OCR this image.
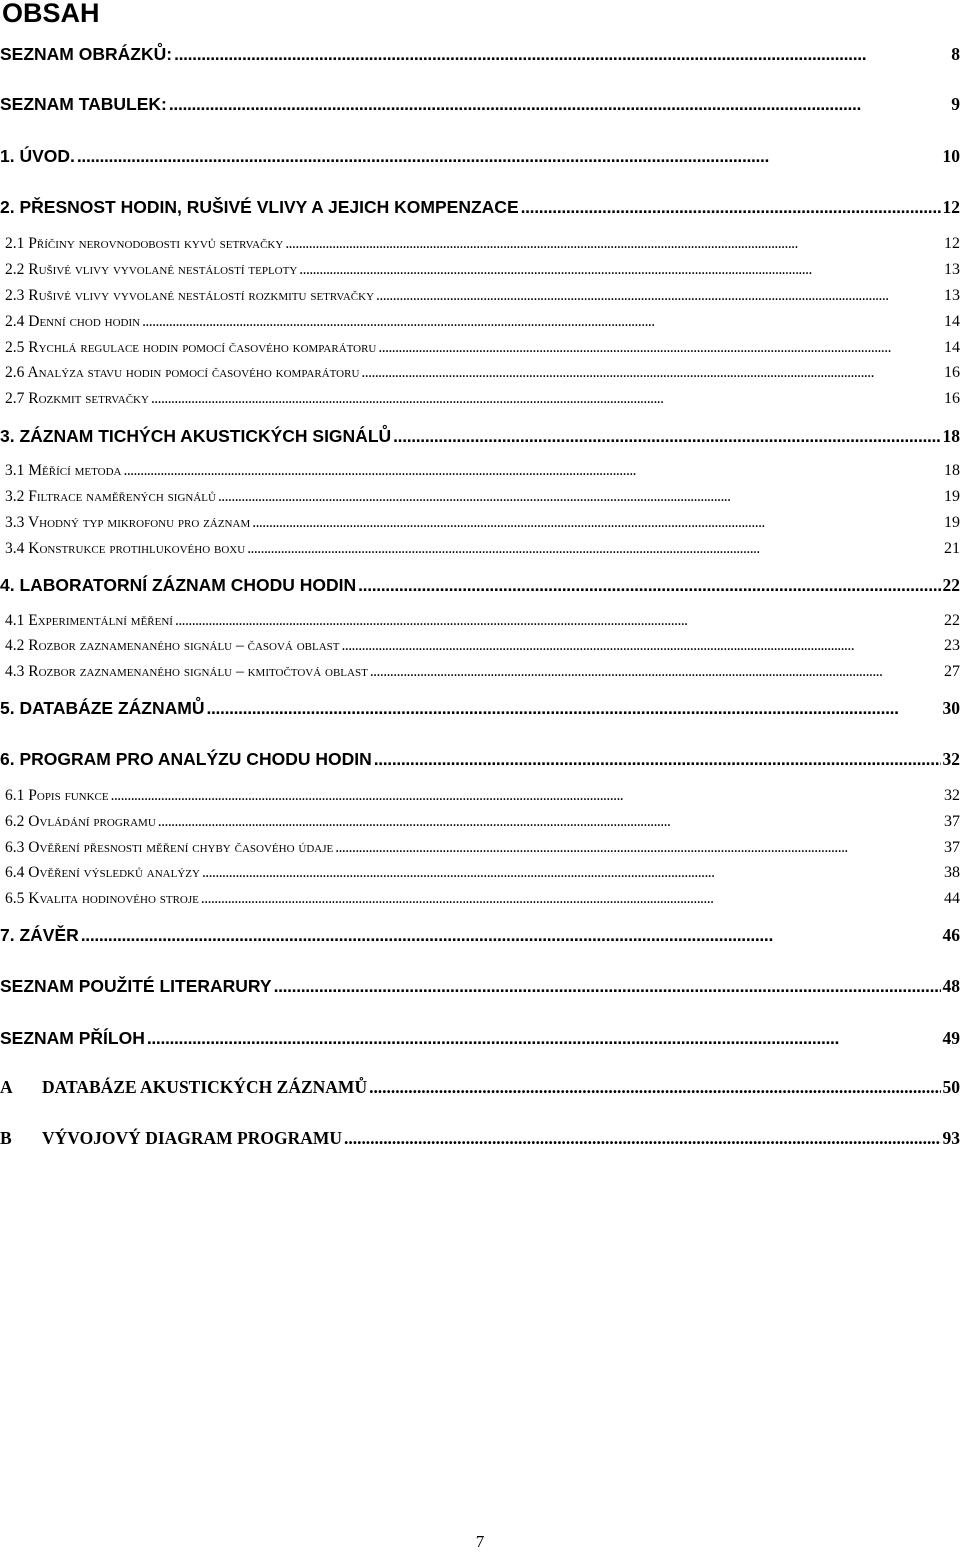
OBSAH
SEZNAM OBRÁZKŮ: . . .	8
SEZNAM TABULEK: . . .	9
1. ÚVOD. . . .	10
2. PŘESNOST HODIN, RUŠIVÉ VLIVY A JEJICH KOMPENZACE . . .	12
2.1 Příčiny nerovnodobosti kyvů setrvačky . . .	12
2.2 Rušivé vlivy vyvolané nestálostí teploty . . .	13
2.3 Rušivé vlivy vyvolané nestálostí rozkmitu setrvačky . . .	13
2.4 Denní chod hodin . . .	14
2.5 Rychlá regulace hodin pomocí časového komparátoru . . .	14
2.6 Analýza stavu hodin pomocí časového komparátoru . . .	16
2.7 Rozkmit setrvačky . . .	16
3. ZÁZNAM TICHÝCH AKUSTICKÝCH SIGNÁLŮ . . .	18
3.1 Měřící metoda . . .	18
3.2 Filtrace naměřených signálů . . .	19
3.3 Vhodný typ mikrofonu pro záznam . . .	19
3.4 Konstrukce protihlukového boxu . . .	21
4. LABORATORNÍ ZÁZNAM CHODU HODIN . . .	22
4.1 Experimentální měření . . .	22
4.2 Rozbor zaznamenaného signálu – časová oblast . . .	23
4.3 Rozbor zaznamenaného signálu – kmitočtová oblast . . .	27
5. DATABÁZE ZÁZNAMŮ . . .	30
6. PROGRAM PRO ANALÝZU CHODU HODIN . . .	32
6.1 Popis funkce . . .	32
6.2 Ovládání programu . . .	37
6.3 Ověření přesnosti měření chyby časového údaje . . .	37
6.4 Ověření výsledků analýzy . . .	38
6.5 Kvalita hodinového stroje . . .	44
7. ZÁVĚR . . .	46
SEZNAM POUŽITÉ LITERARURY . . .	48
SEZNAM PŘÍLOH . . .	49
A	DATABÁZE AKUSTICKÝCH ZÁZNAMŮ . . .	50
B	VÝVOJOVÝ DIAGRAM PROGRAMU . . .	93
7
